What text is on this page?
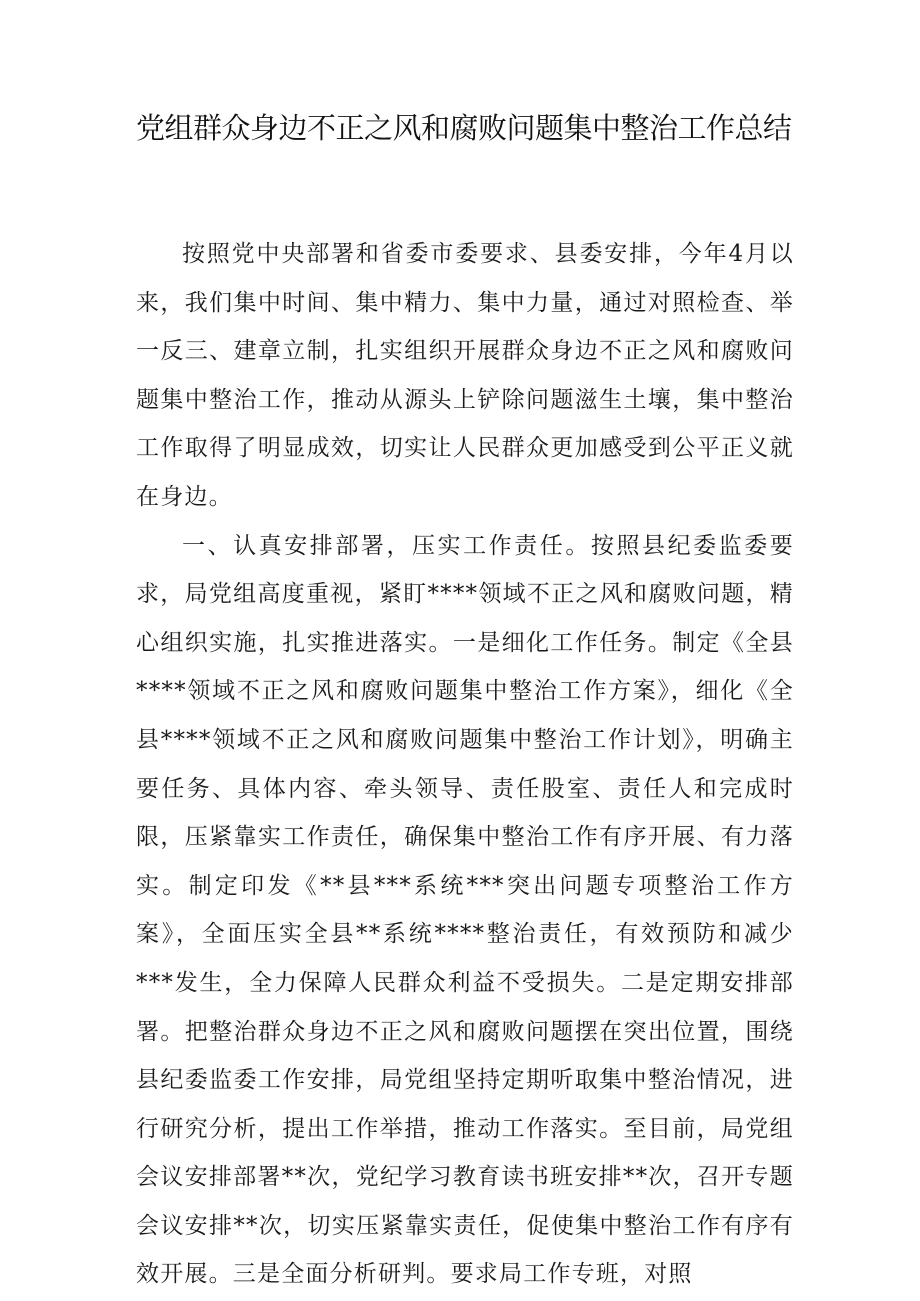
党组群众身边不正之风和腐败问题集中整治工作总结

按照党中央部署和省委市委要求、县委安排，今年4月以来，我们集中时间、集中精力、集中力量，通过对照检查、举一反三、建章立制，扎实组织开展群众身边不正之风和腐败问题集中整治工作，推动从源头上铲除问题滋生土壤，集中整治工作取得了明显成效，切实让人民群众更加感受到公平正义就在身边。

一、认真安排部署，压实工作责任。按照县纪委监委要求，局党组高度重视，紧盯****领域不正之风和腐败问题，精心组织实施，扎实推进落实。一是细化工作任务。制定《全县****领域不正之风和腐败问题集中整治工作方案》，细化《全县****领域不正之风和腐败问题集中整治工作计划》，明确主要任务、具体内容、牵头领导、责任股室、责任人和完成时限，压紧靠实工作责任，确保集中整治工作有序开展、有力落实。制定印发《**县***系统***突出问题专项整治工作方案》，全面压实全县**系统****整治责任，有效预防和减少***发生，全力保障人民群众利益不受损失。二是定期安排部署。把整治群众身边不正之风和腐败问题摆在突出位置，围绕县纪委监委工作安排，局党组坚持定期听取集中整治情况，进行研究分析，提出工作举措，推动工作落实。至目前，局党组会议安排部署**次，党纪学习教育读书班安排**次，召开专题会议安排**次，切实压紧靠实责任，促使集中整治工作有序有效开展。三是全面分析研判。要求局工作专班，对照
